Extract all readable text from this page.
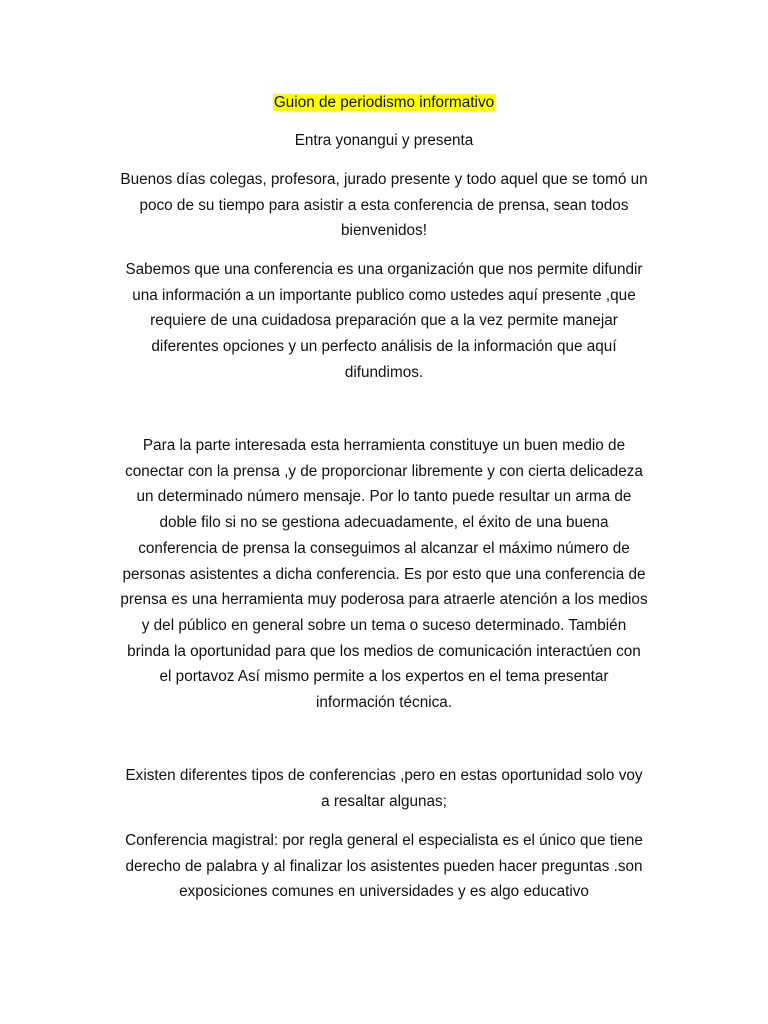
Guion de periodismo informativo

Entra yonangui y presenta

Buenos días colegas, profesora, jurado presente y todo aquel que se tomó un
poco de su tiempo para asistir a esta conferencia de prensa, sean todos
bienvenidos!

Sabemos que una conferencia es una organización que nos permite difundir
una información a un importante publico como ustedes aquí presente ,que
requiere de una cuidadosa preparación que a la vez permite manejar
diferentes opciones y un perfecto análisis de la información que aquí
difundimos.

Para la parte interesada esta herramienta constituye un buen medio de
conectar con la prensa ,y de proporcionar libremente y con cierta delicadeza
un determinado número mensaje. Por lo tanto puede resultar un arma de
doble filo si no se gestiona adecuadamente, el éxito de una buena
conferencia de prensa la conseguimos al alcanzar el máximo número de
personas asistentes a dicha conferencia. Es por esto que una conferencia de
prensa es una herramienta muy poderosa para atraerle atención a los medios
y del público en general sobre un tema o suceso determinado. También
brinda la oportunidad para que los medios de comunicación interactúen con
el portavoz Así mismo permite a los expertos en el tema presentar
información técnica.

Existen diferentes tipos de conferencias ,pero en estas oportunidad solo voy
a resaltar algunas;

Conferencia magistral: por regla general el especialista es el único que tiene
derecho de palabra y al finalizar los asistentes pueden hacer preguntas .son
exposiciones comunes en universidades y es algo educativo
